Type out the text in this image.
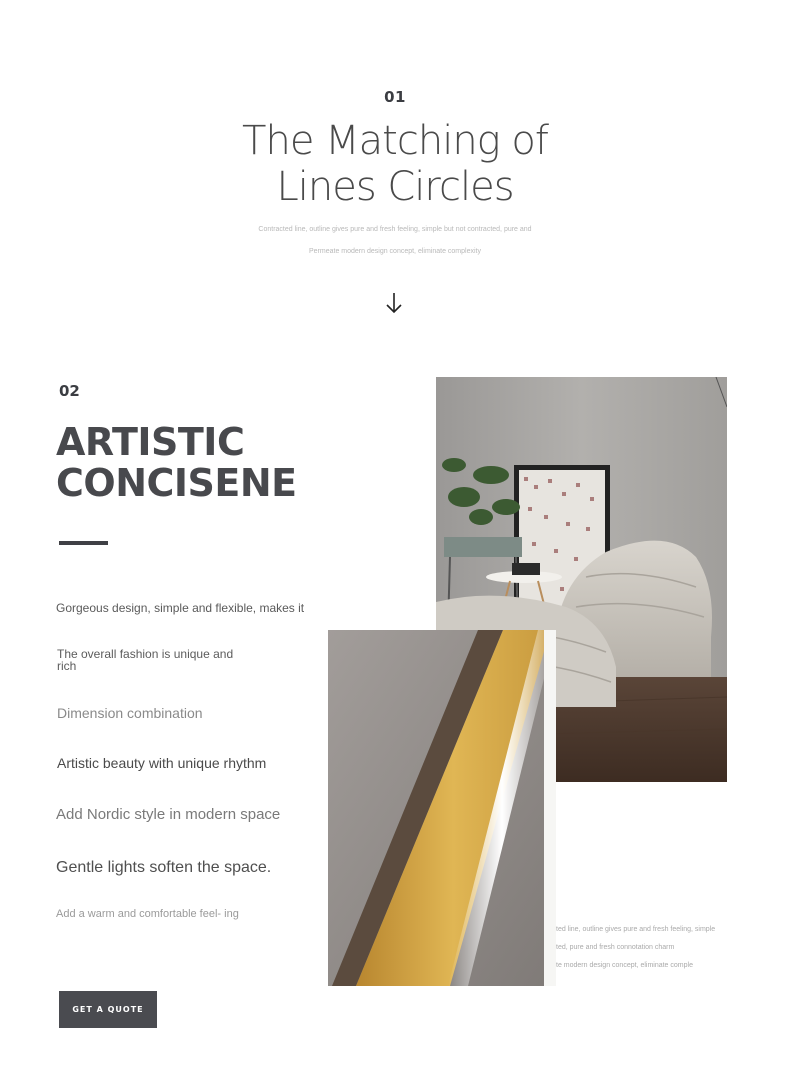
01
The Matching of
Lines Circles
Contracted line, outline gives pure and fresh feeling, simple but not contracted, pure and
Permeate modern design concept, eliminate complexity
02
ARTISTIC
CONCISENE
Gorgeous design, simple and flexible, makes it
The overall fashion is unique and rich
Dimension combination
Artistic beauty with unique rhythm
Add Nordic style in modern space
Gentle lights soften the space.
Add a warm and comfortable feel- ing
ted line, outline gives pure and fresh feeling, simple
ted, pure and fresh connotation charm
te modern design concept, eliminate comple
GET A QUOTE
